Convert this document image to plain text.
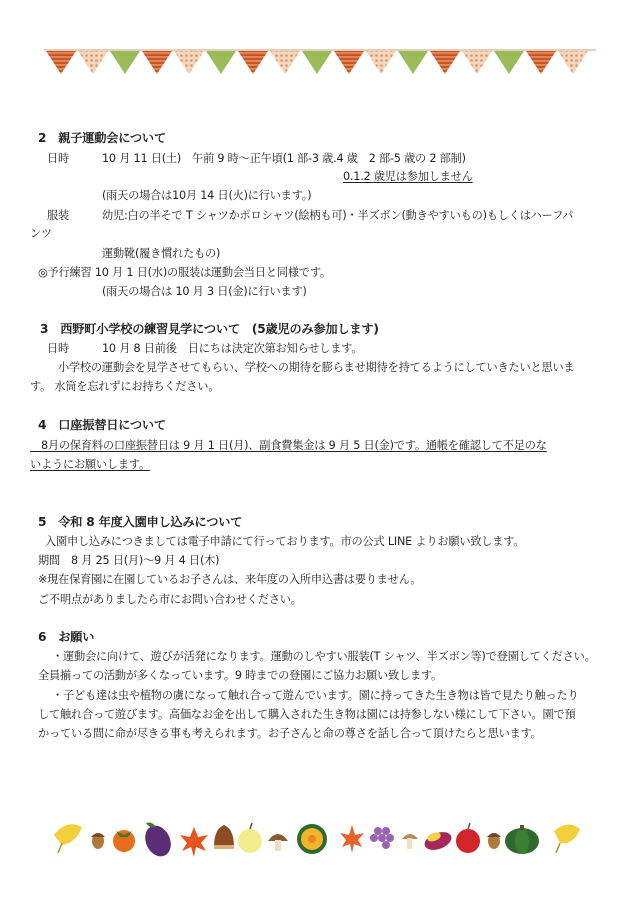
2　親子運動会について
日時	10 月 11 日(土)　午前 9 時～正午頃(1 部-3 歳.4 歳　2 部-5 歳の 2 部制)
0.1.2 歳児は参加しません
(雨天の場合は10月 14 日(火)に行います。)
服装	幼児:白の半そで T シャツかポロシャツ(絵柄も可)・半ズボン(動きやすいもの)もしくはハーフパ
ンツ
運動靴(履き慣れたもの)
◎予行練習 10 月 1 日(水)の服装は運動会当日と同様です。
(雨天の場合は 10 月 3 日(金)に行います)
3　西野町小学校の練習見学について　(5歳児のみ参加します)
日時	10 月 8 日前後　日にちは決定次第お知らせします。
小学校の運動会を見学させてもらい、学校への期待を膨らませ期待を持てるようにしていきたいと思いま
す。 水筒を忘れずにお持ちください。
4　口座振替日について
　8月の保育料の口座振替日は 9 月 1 日(月)、副食費集金は 9 月 5 日(金)です。通帳を確認して不足のな
いようにお願いします。
5　令和 8 年度入園申し込みについて
入園申し込みにつきましては電子申請にて行っております。市の公式 LINE よりお願い致します。
期間　8 月 25 日(月)～9 月 4 日(木)
※現在保育園に在園しているお子さんは、来年度の入所申込書は要りません。
ご不明点がありましたら市にお問い合わせください。
6　お願い
・運動会に向けて、遊びが活発になります。運動のしやすい服装(T シャツ、半ズボン等)で登園してください。
全員揃っての活動が多くなっています。9 時までの登園にご協力お願い致します。
・子ども達は虫や植物の虜になって触れ合って遊んでいます。園に持ってきた生き物は皆で見たり触ったり
して触れ合って遊びます。高価なお金を出して購入された生き物は園には持参しない様にして下さい。園で預
かっている間に命が尽きる事も考えられます。お子さんと命の尊さを話し合って頂けたらと思います。
